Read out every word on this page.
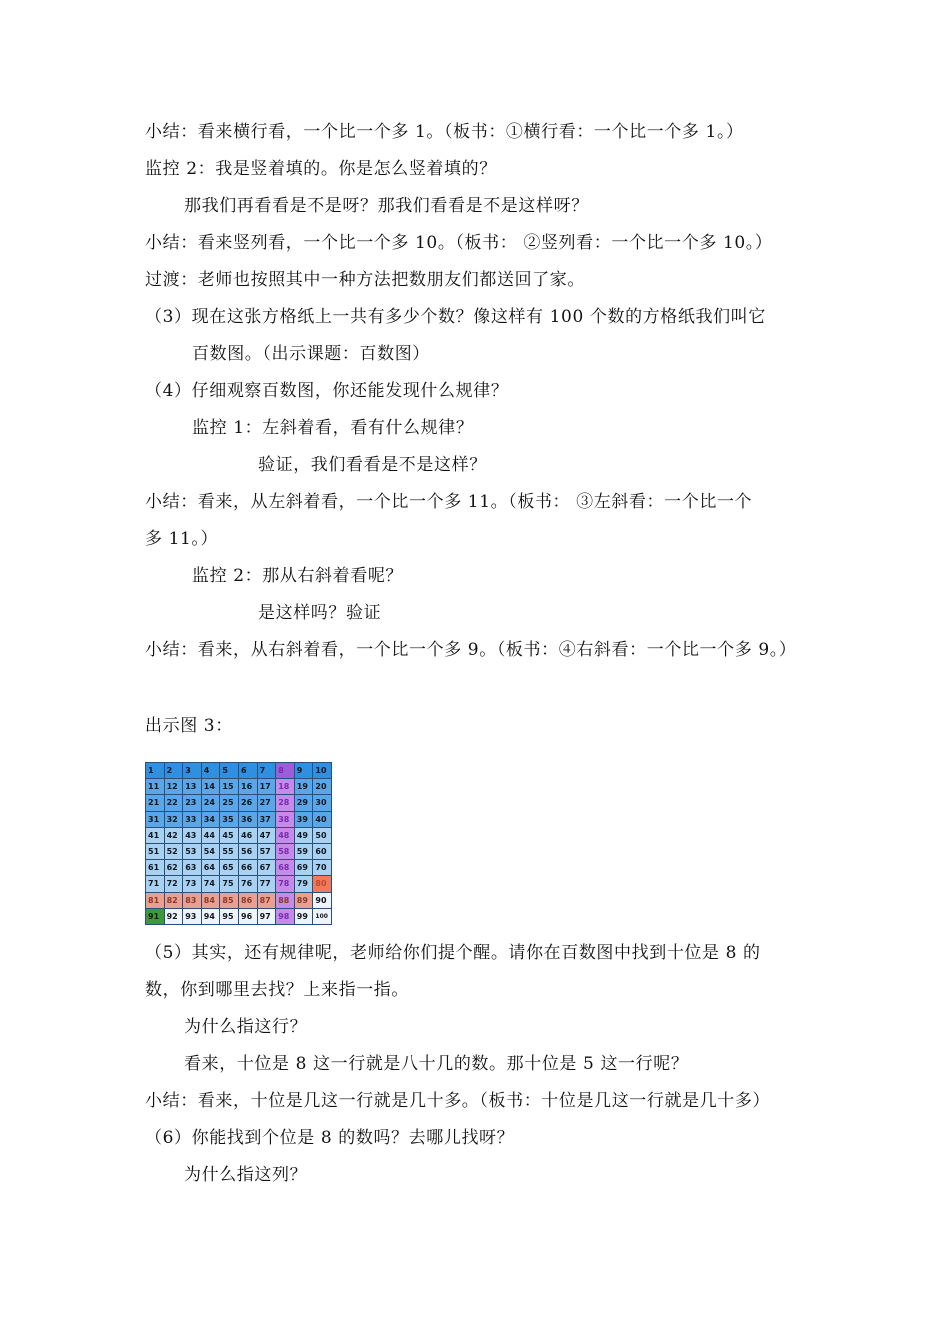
小结：看来横行看，一个比一个多 1。（板书：①横行看：一个比一个多 1。）
监控 2：我是竖着填的。你是怎么竖着填的？
那我们再看看是不是呀？那我们看看是不是这样呀？
小结：看来竖列看，一个比一个多 10。（板书： ②竖列看：一个比一个多 10。）
过渡：老师也按照其中一种方法把数朋友们都送回了家。
（3）现在这张方格纸上一共有多少个数？像这样有 100 个数的方格纸我们叫它
百数图。（出示课题：百数图）
（4）仔细观察百数图，你还能发现什么规律？
监控 1：左斜着看，看有什么规律？
验证，我们看看是不是这样？
小结：看来，从左斜着看，一个比一个多 11。（板书： ③左斜看：一个比一个
多 11。）
监控 2：那从右斜着看呢？
是这样吗？验证
小结：看来，从右斜着看，一个比一个多 9。（板书：④右斜看：一个比一个多 9。）
出示图 3：
1	2	3	4	5	6	7	8	9	10
11 12 13 14 15 16 17 18 19 20
21 22 23 24 25 26 27 28 29 30
31 32 33 34 35 36 37 38 39 40
41 42 43 44 45 46 47 48 49 50
51 52 53 54 55 56 57 58 59 60
61 62 63 64 65 66 67 68 69 70
71 72 73 74 75 76 77 78 79 80
81 82 83 84 85 86 87 88 89 90
91 92 93 94 95 96 97 98 99	100
（5）其实，还有规律呢，老师给你们提个醒。请你在百数图中找到十位是 8 的
数，你到哪里去找？上来指一指。
为什么指这行？
看来，十位是 8 这一行就是八十几的数。那十位是 5 这一行呢？
小结：看来，十位是几这一行就是几十多。（板书：十位是几这一行就是几十多）
（6）你能找到个位是 8 的数吗？去哪儿找呀？
为什么指这列？
